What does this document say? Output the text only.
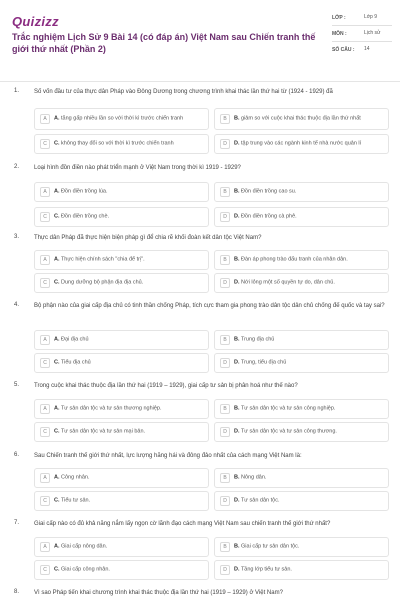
Quizizz
Trắc nghiệm Lịch Sử 9 Bài 14 (có đáp án) Việt Nam sau Chiến tranh thế giới thứ nhất (Phần 2)
LỚP :	Lớp 9
MÔN :	Lịch sử
SỐ CÂU :	14
1.	Số vốn đầu tư của thực dân Pháp vào Đông Dương trong chương trình khai thác lần thứ hai từ (1924 - 1929) đã
A	A. tăng gấp nhiều lần so với thời kì trước chiến tranh	B	B. giảm so với cuộc khai thác thuộc địa lần thứ nhất
C	C. không thay đổi so với thời kì trước chiến tranh	D	D. tập trung vào các ngành kinh tế nhà nước quản lí
2.	Loại hình đồn điền nào phát triển mạnh ở Việt Nam trong thời kì 1919 - 1929?
A	A. Đồn điền trồng lúa.	B	B. Đồn điền trồng cao su.
C	C. Đồn điền trồng chè.	D	D. Đồn điền trồng cà phê.
3.	Thực dân Pháp đã thực hiện biện pháp gì để chia rẽ khối đoàn kết dân tộc Việt Nam?
A	A. Thực hiện chính sách "chia để trị".	B	B. Đàn áp phong trào đấu tranh của nhân dân.
C	C. Dung dưỡng bộ phận địa địa chủ.	D	D. Nới lỏng một số quyền tự do, dân chủ.
4.	Bộ phận nào của giai cấp địa chủ có tinh thần chống Pháp, tích cực tham gia phong trào dân tộc dân chủ chống đế quốc và tay sai?
A	A. Đại địa chủ	B	B. Trung địa chủ
C	C. Tiểu địa chủ	D	D. Trung, tiểu địa chủ
5.	Trong cuộc khai thác thuộc địa lần thứ hai (1919 – 1929), giai cấp tư sản bị phân hoá như thế nào?
A	A. Tư sản dân tộc và tư sản thương nghiệp.	B	B. Tư sản dân tộc và tư sản công nghiệp.
C	C. Tư sản dân tộc và tư sản mại bản.	D	D. Tư sản dân tộc và tư sản công thương.
6.	Sau Chiến tranh thế giới thứ nhất, lực lượng hăng hái và đông đảo nhất của cách mạng Việt Nam là:
A	A. Công nhân.	B	B. Nông dân.
C	C. Tiểu tư sản.	D	D. Tư sản dân tộc.
7.	Giai cấp nào có đủ khả năng nắm lấy ngọn cờ lãnh đạo cách mạng Việt Nam sau chiến tranh thế giới thứ nhất?
A	A. Giai cấp nông dân.	B	B. Giai cấp tư sản dân tộc.
C	C. Giai cấp công nhân.	D	D. Tầng lớp tiểu tư sản.
8.	Vì sao Pháp tiến khai chương trình khai thác thuộc địa lần thứ hai (1919 – 1929) ở Việt Nam?
